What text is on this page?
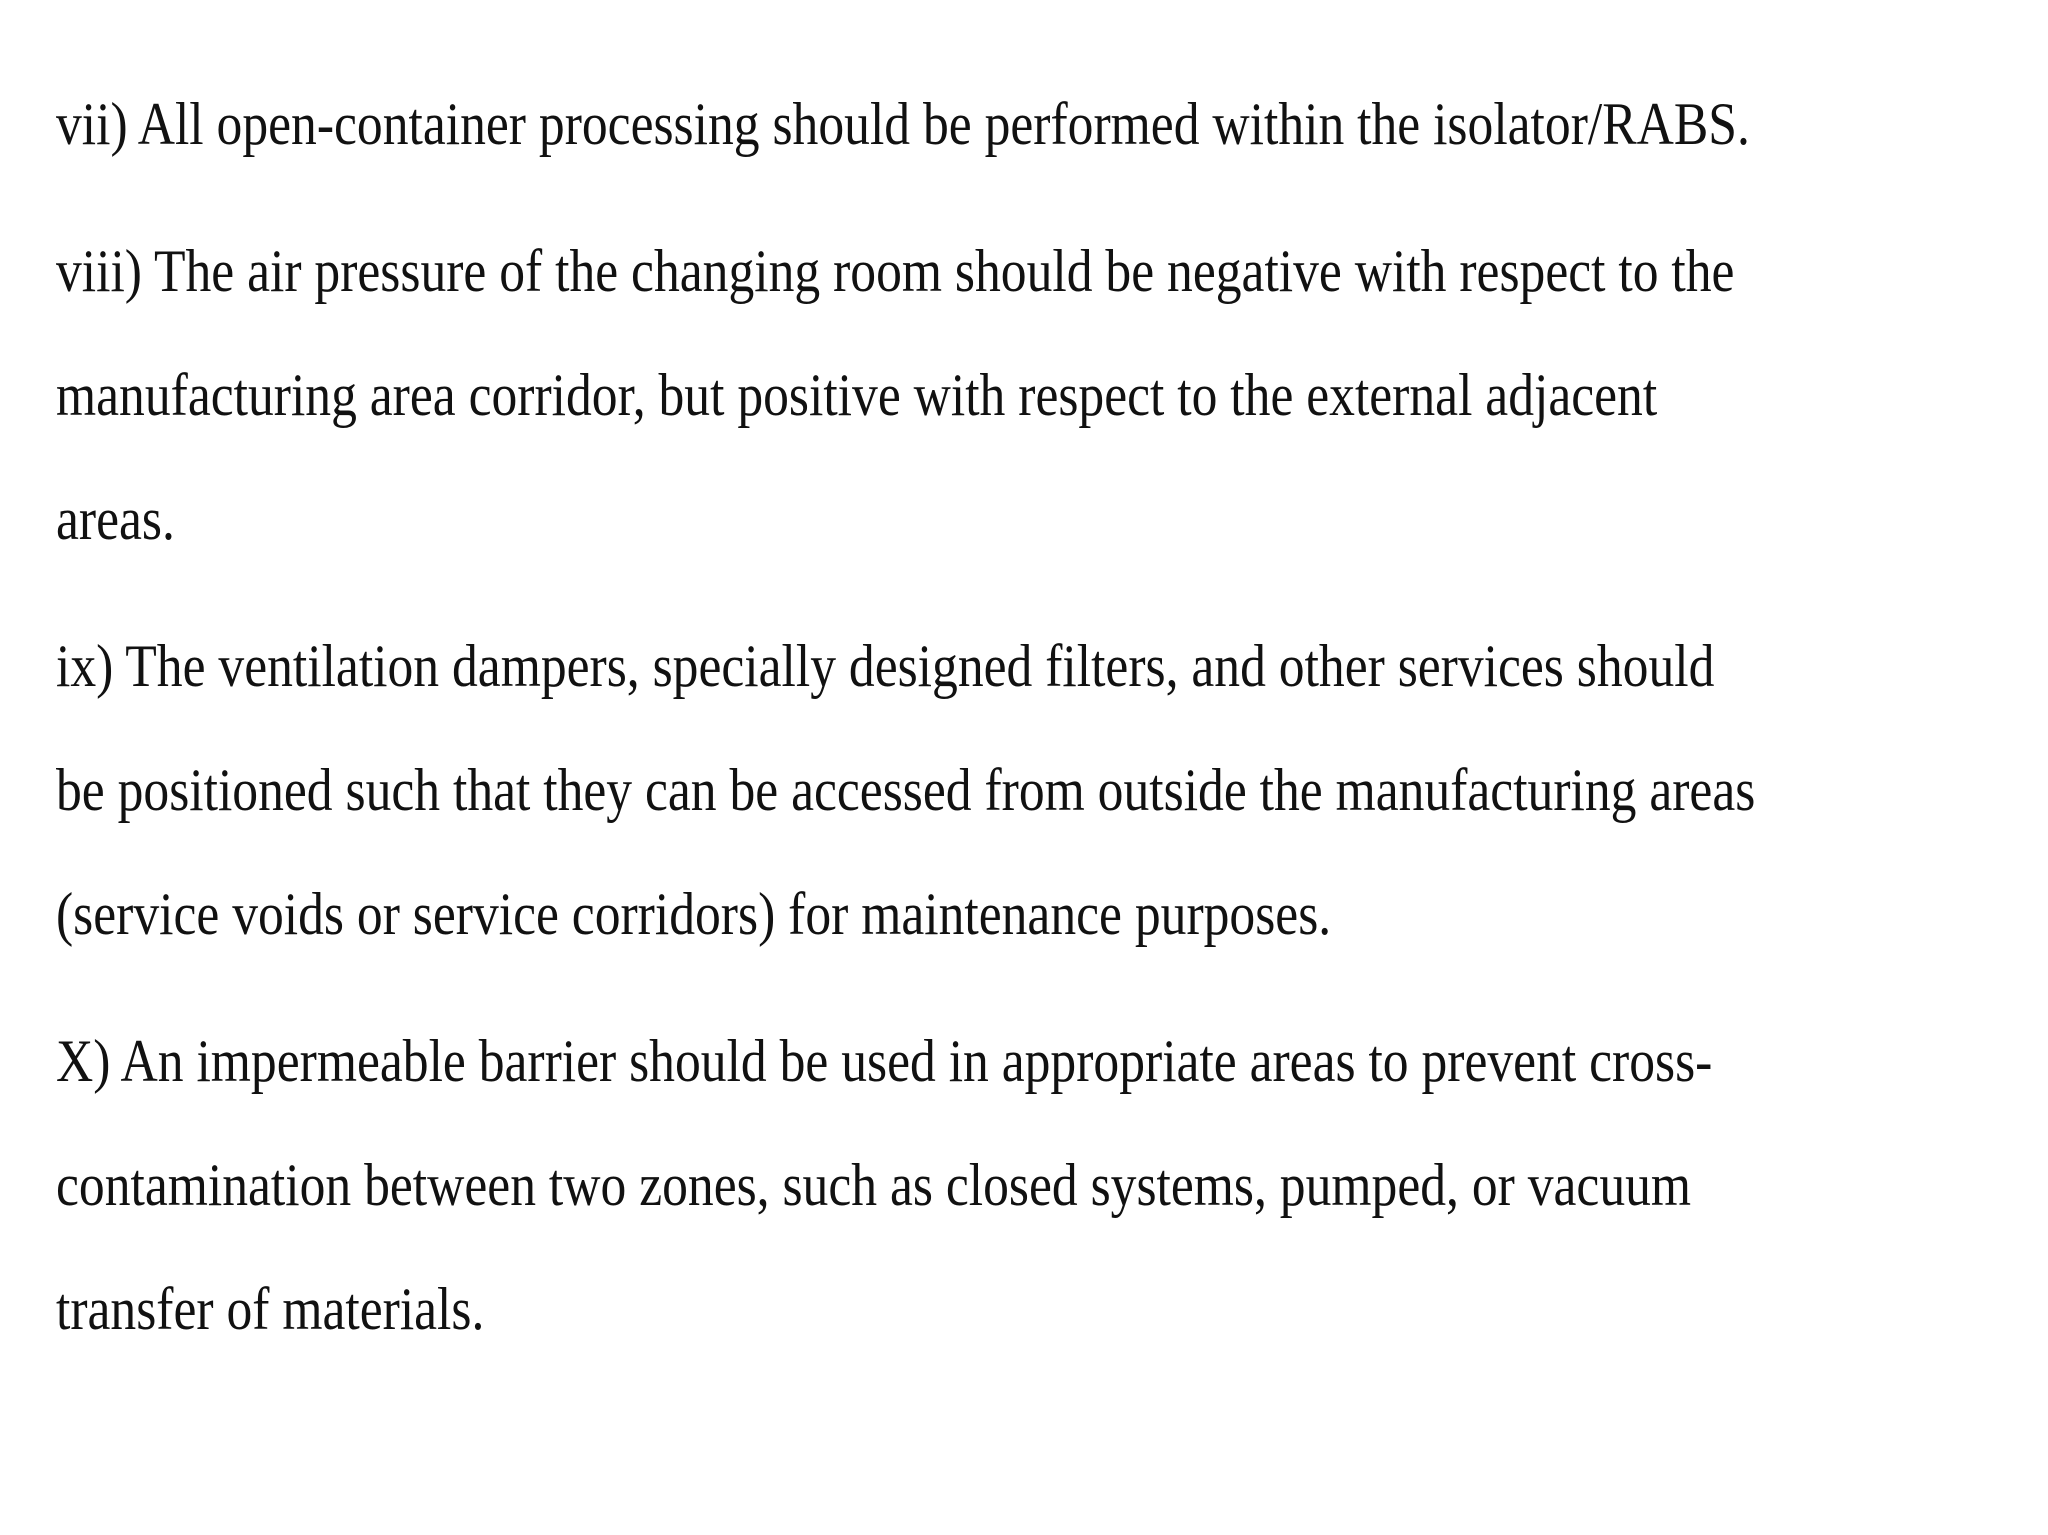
vii) All open-container processing should be performed within the isolator/RABS.
viii) The air pressure of the changing room should be negative with respect to the
manufacturing area corridor, but positive with respect to the external adjacent
areas.
ix) The ventilation dampers, specially designed filters, and other services should
be positioned such that they can be accessed from outside the manufacturing areas
(service voids or service corridors) for maintenance purposes.
X) An impermeable barrier should be used in appropriate areas to prevent cross-
contamination between two zones, such as closed systems, pumped, or vacuum
transfer of materials.
